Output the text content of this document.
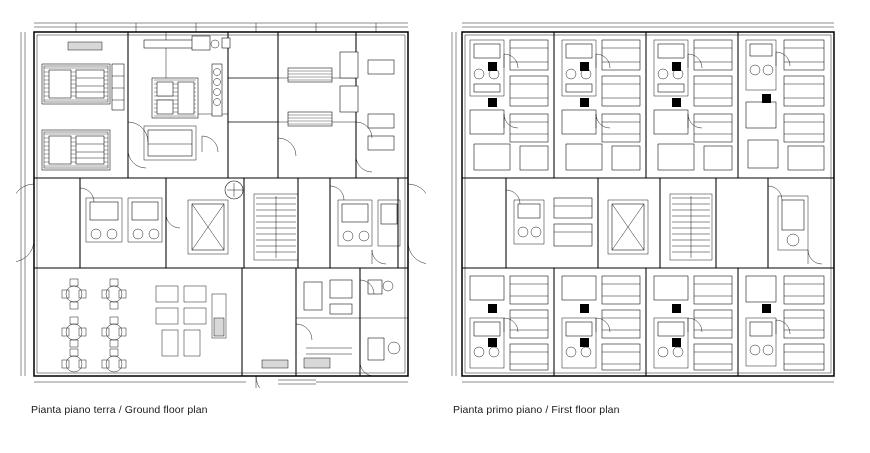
Pianta piano terra / Ground floor plan	Pianta primo piano / First floor plan
